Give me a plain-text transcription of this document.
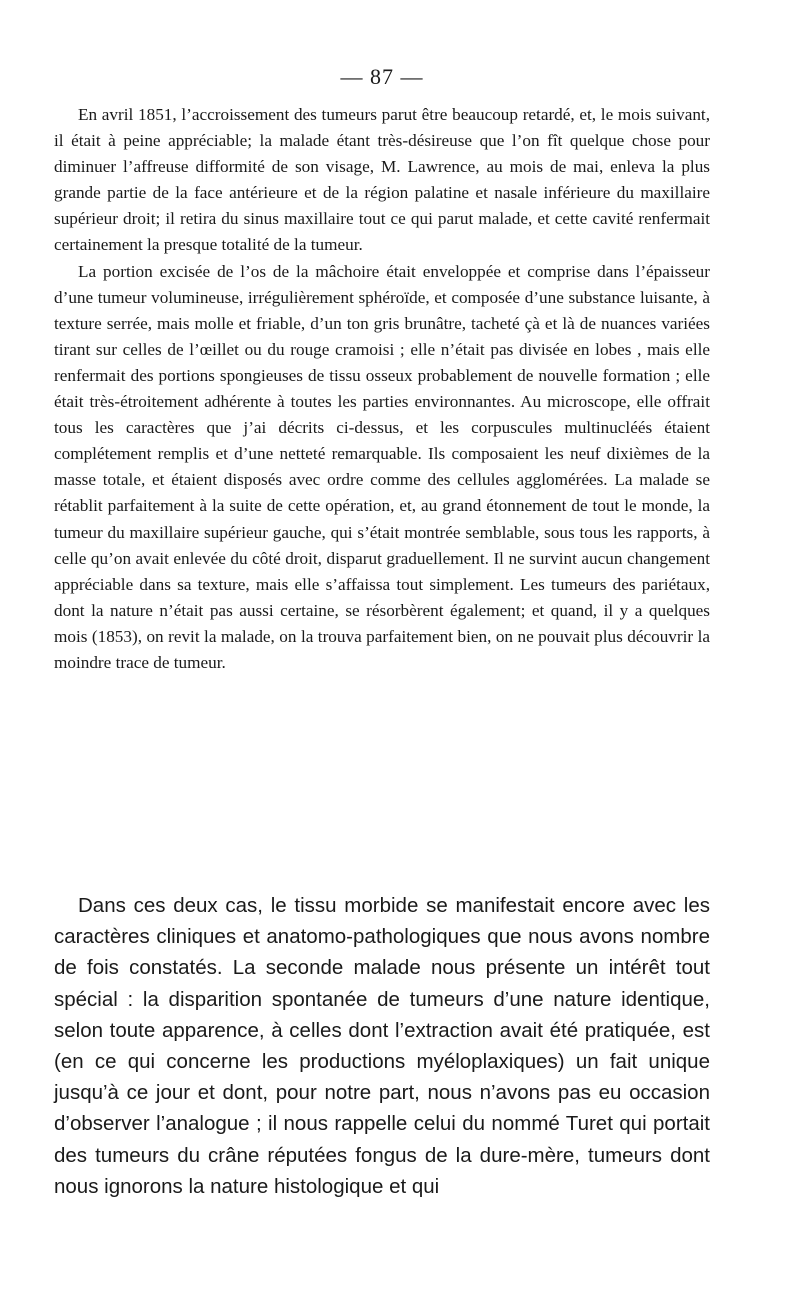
— 87 —

En avril 1851, l’accroissement des tumeurs parut être beaucoup retardé, et, le mois suivant, il était à peine appréciable; la malade étant très-désireuse que l’on fît quelque chose pour diminuer l’affreuse difformité de son visage, M. Lawrence, au mois de mai, enleva la plus grande partie de la face antérieure et de la région palatine et nasale inférieure du maxillaire supérieur droit; il retira du sinus maxillaire tout ce qui parut malade, et cette cavité renfermait certainement la presque totalité de la tumeur.

La portion excisée de l’os de la mâchoire était enveloppée et comprise dans l’épaisseur d’une tumeur volumineuse, irrégulièrement sphéroïde, et composée d’une substance luisante, à texture serrée, mais molle et friable, d’un ton gris brunâtre, tacheté çà et là de nuances variées tirant sur celles de l’œillet ou du rouge cramoisi ; elle n’était pas divisée en lobes , mais elle renfermait des portions spongieuses de tissu osseux probablement de nouvelle formation ; elle était très-étroitement adhérente à toutes les parties environnantes. Au microscope, elle offrait tous les caractères que j’ai décrits ci-dessus, et les corpuscules multinucléés étaient complétement remplis et d’une netteté remarquable. Ils composaient les neuf dixièmes de la masse totale, et étaient disposés avec ordre comme des cellules agglomérées. La malade se rétablit parfaitement à la suite de cette opération, et, au grand étonnement de tout le monde, la tumeur du maxillaire supérieur gauche, qui s’était montrée semblable, sous tous les rapports, à celle qu’on avait enlevée du côté droit, disparut graduellement. Il ne survint aucun changement appréciable dans sa texture, mais elle s’affaissa tout simplement. Les tumeurs des pariétaux, dont la nature n’était pas aussi certaine, se résorbèrent également; et quand, il y a quelques mois (1853), on revit la malade, on la trouva parfaitement bien, on ne pouvait plus découvrir la moindre trace de tumeur.

Dans ces deux cas, le tissu morbide se manifestait encore avec les caractères cliniques et anatomo-pathologiques que nous avons nombre de fois constatés. La seconde malade nous présente un intérêt tout spécial : la disparition spontanée de tumeurs d’une nature identique, selon toute apparence, à celles dont l’extraction avait été pratiquée, est (en ce qui concerne les productions myéloplaxiques) un fait unique jusqu’à ce jour et dont, pour notre part, nous n’avons pas eu occasion d’observer l’analogue ; il nous rappelle celui du nommé Turet qui portait des tumeurs du crâne réputées fongus de la dure-mère, tumeurs dont nous ignorons la nature histologique et qui
